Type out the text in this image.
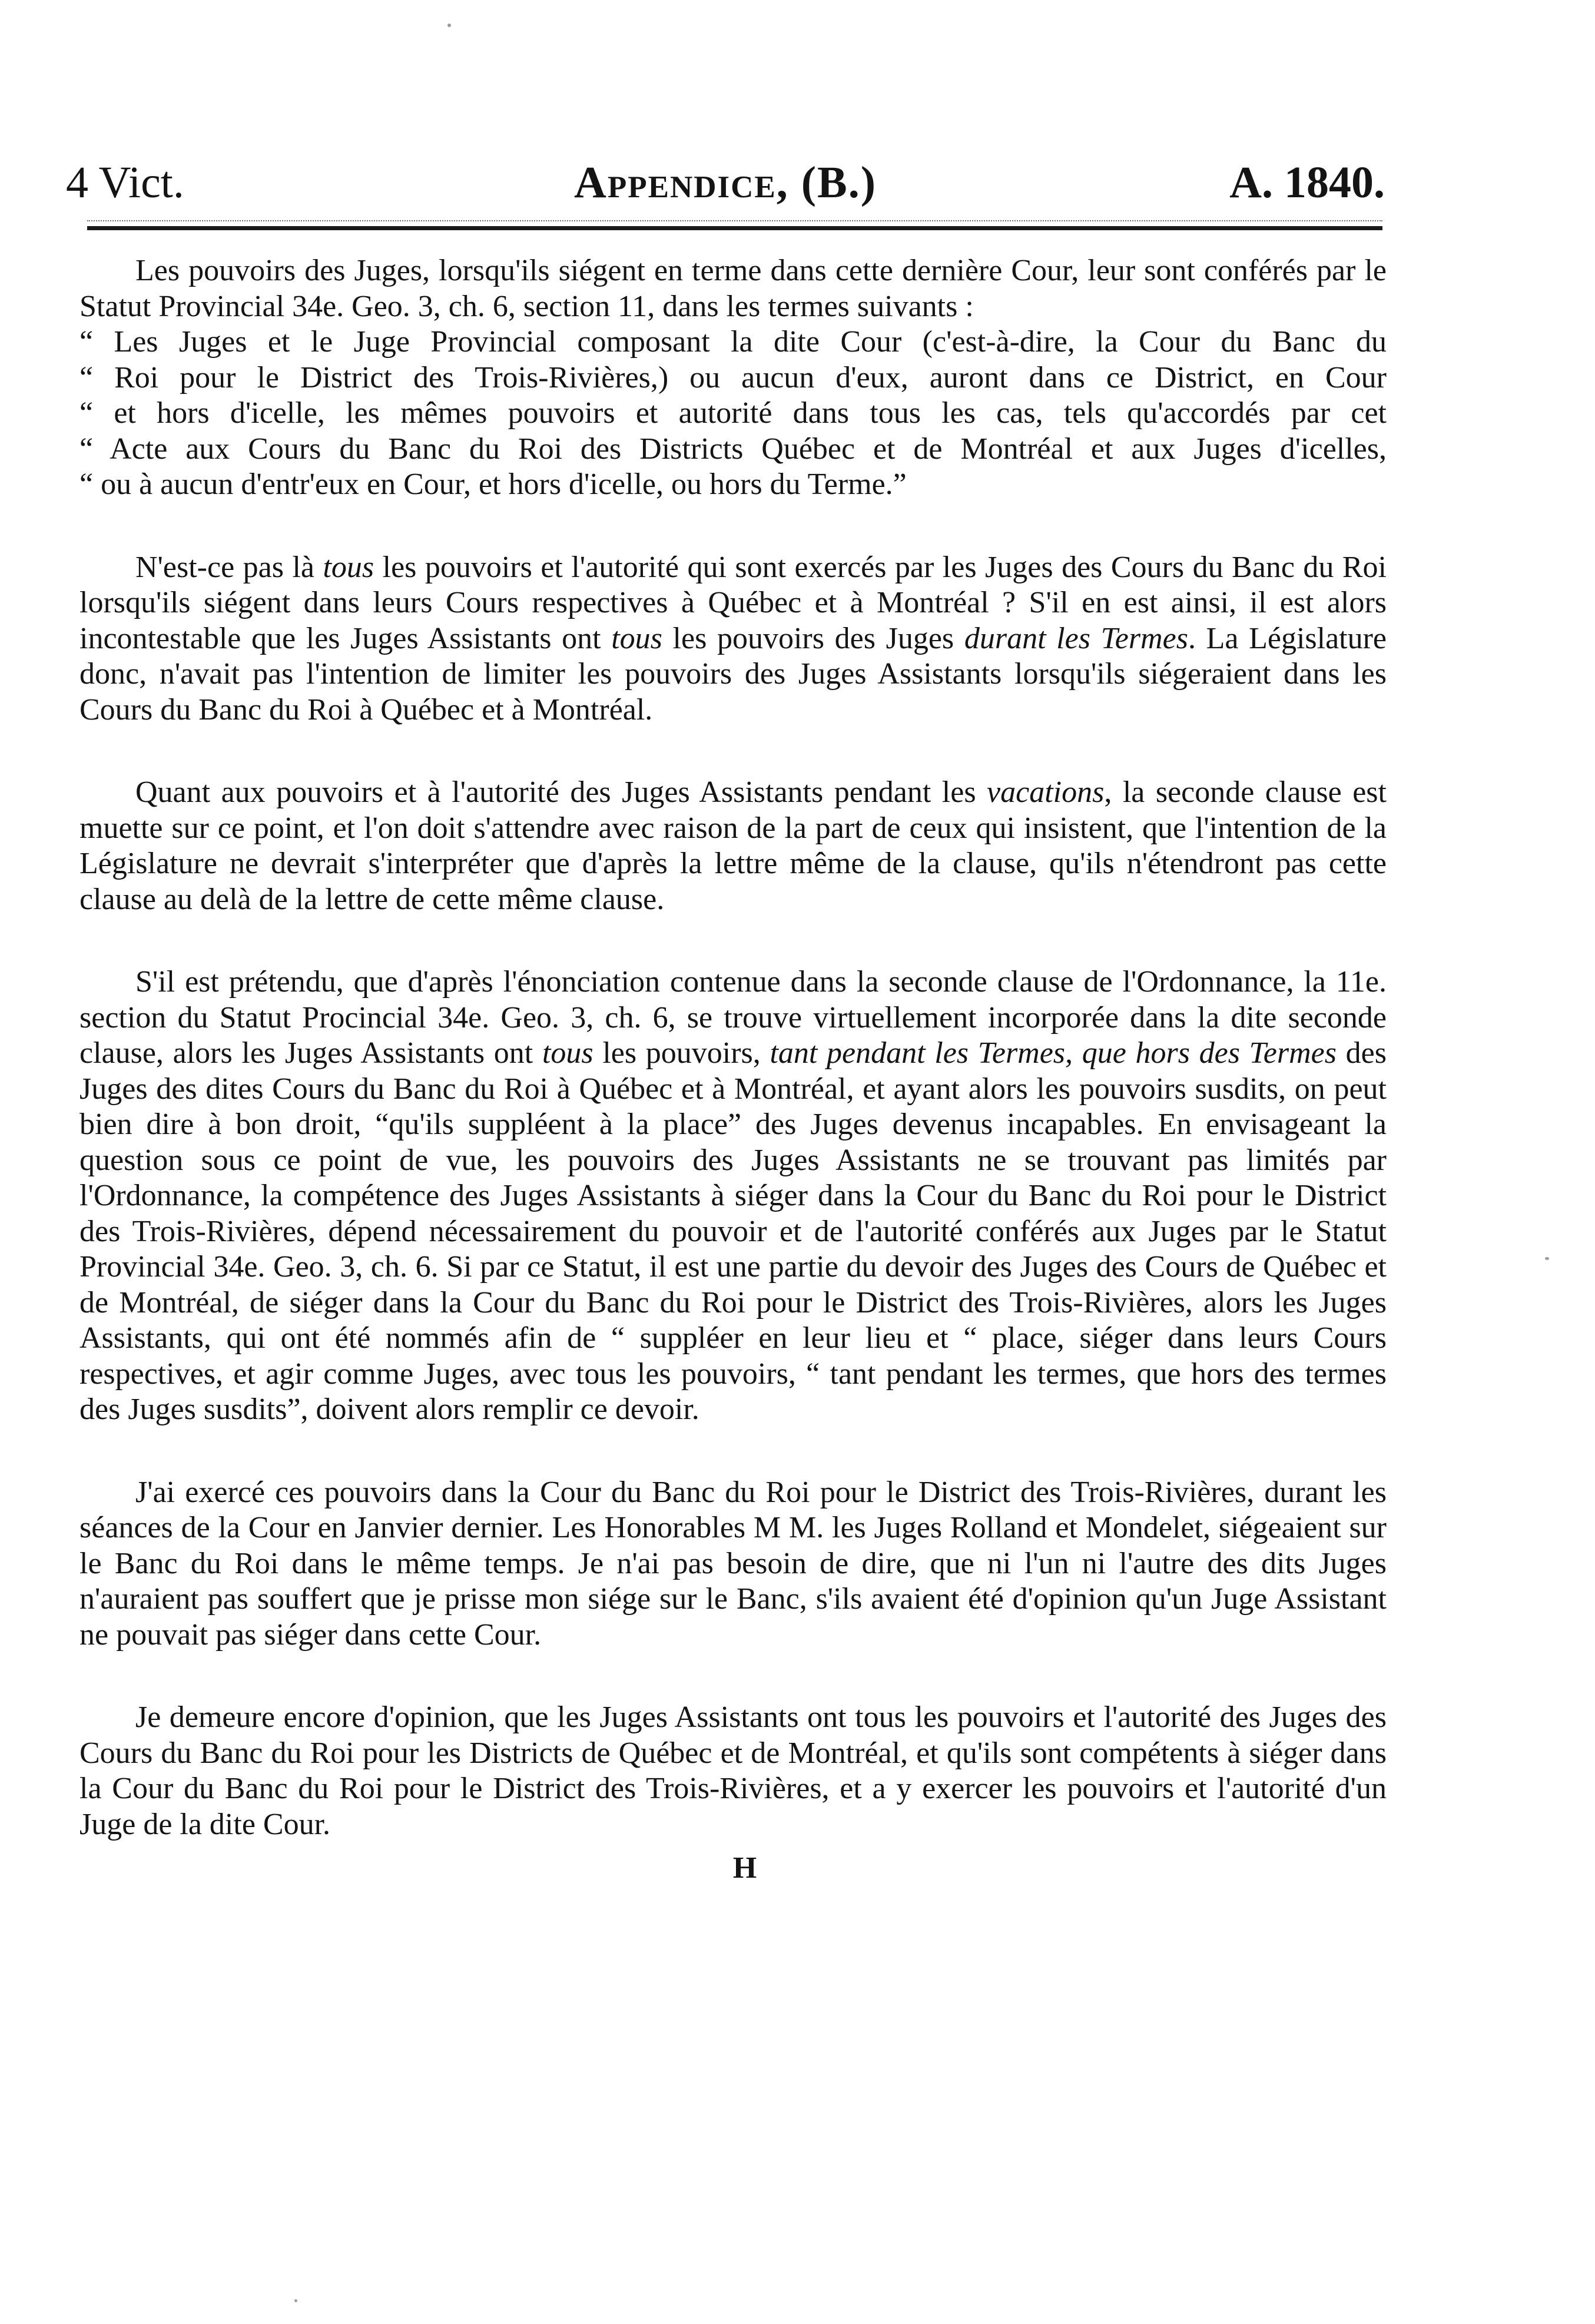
4 Vict.	Appendice, (B.)	A. 1840.

Les pouvoirs des Juges, lorsqu'ils siégent en terme dans cette dernière Cour, leur sont conférés par le Statut Provincial 34e. Geo. 3, ch. 6, section 11, dans les termes suivants :

“ Les Juges et le Juge Provincial composant la dite Cour (c'est-à-dire, la Cour du Banc du
“ Roi pour le District des Trois-Rivières,) ou aucun d'eux, auront dans ce District, en Cour
“ et hors d'icelle, les mêmes pouvoirs et autorité dans tous les cas, tels qu'accordés par cet
“ Acte aux Cours du Banc du Roi des Districts Québec et de Montréal et aux Juges d'icelles,
“ ou à aucun d'entr'eux en Cour, et hors d'icelle, ou hors du Terme.”

N'est-ce pas là tous les pouvoirs et l'autorité qui sont exercés par les Juges des Cours du Banc du Roi lorsqu'ils siégent dans leurs Cours respectives à Québec et à Montréal ? S'il en est ainsi, il est alors incontestable que les Juges Assistants ont tous les pouvoirs des Juges durant les Termes. La Législature donc, n'avait pas l'intention de limiter les pouvoirs des Juges Assistants lorsqu'ils siégeraient dans les Cours du Banc du Roi à Québec et à Montréal.

Quant aux pouvoirs et à l'autorité des Juges Assistants pendant les vacations, la seconde clause est muette sur ce point, et l'on doit s'attendre avec raison de la part de ceux qui insistent, que l'intention de la Législature ne devrait s'interpréter que d'après la lettre même de la clause, qu'ils n'étendront pas cette clause au delà de la lettre de cette même clause.

S'il est prétendu, que d'après l'énonciation contenue dans la seconde clause de l'Ordonnance, la 11e. section du Statut Procincial 34e. Geo. 3, ch. 6, se trouve virtuellement incorporée dans la dite seconde clause, alors les Juges Assistants ont tous les pouvoirs, tant pendant les Termes, que hors des Termes des Juges des dites Cours du Banc du Roi à Québec et à Montréal, et ayant alors les pouvoirs susdits, on peut bien dire à bon droit, “qu'ils suppléent à la place” des Juges devenus incapables. En envisageant la question sous ce point de vue, les pouvoirs des Juges Assistants ne se trouvant pas limités par l'Ordonnance, la compétence des Juges Assistants à siéger dans la Cour du Banc du Roi pour le District des Trois-Rivières, dépend nécessairement du pouvoir et de l'autorité conférés aux Juges par le Statut Provincial 34e. Geo. 3, ch. 6. Si par ce Statut, il est une partie du devoir des Juges des Cours de Québec et de Montréal, de siéger dans la Cour du Banc du Roi pour le District des Trois-Rivières, alors les Juges Assistants, qui ont été nommés afin de “ suppléer en leur lieu et “ place, siéger dans leurs Cours respectives, et agir comme Juges, avec tous les pouvoirs, “ tant pendant les termes, que hors des termes des Juges susdits”, doivent alors remplir ce devoir.

J'ai exercé ces pouvoirs dans la Cour du Banc du Roi pour le District des Trois-Rivières, durant les séances de la Cour en Janvier dernier. Les Honorables M M. les Juges Rolland et Mondelet, siégeaient sur le Banc du Roi dans le même temps. Je n'ai pas besoin de dire, que ni l'un ni l'autre des dits Juges n'auraient pas souffert que je prisse mon siége sur le Banc, s'ils avaient été d'opinion qu'un Juge Assistant ne pouvait pas siéger dans cette Cour.

Je demeure encore d'opinion, que les Juges Assistants ont tous les pouvoirs et l'autorité des Juges des Cours du Banc du Roi pour les Districts de Québec et de Montréal, et qu'ils sont compétents à siéger dans la Cour du Banc du Roi pour le District des Trois-Rivières, et a y exercer les pouvoirs et l'autorité d'un Juge de la dite Cour.

H
